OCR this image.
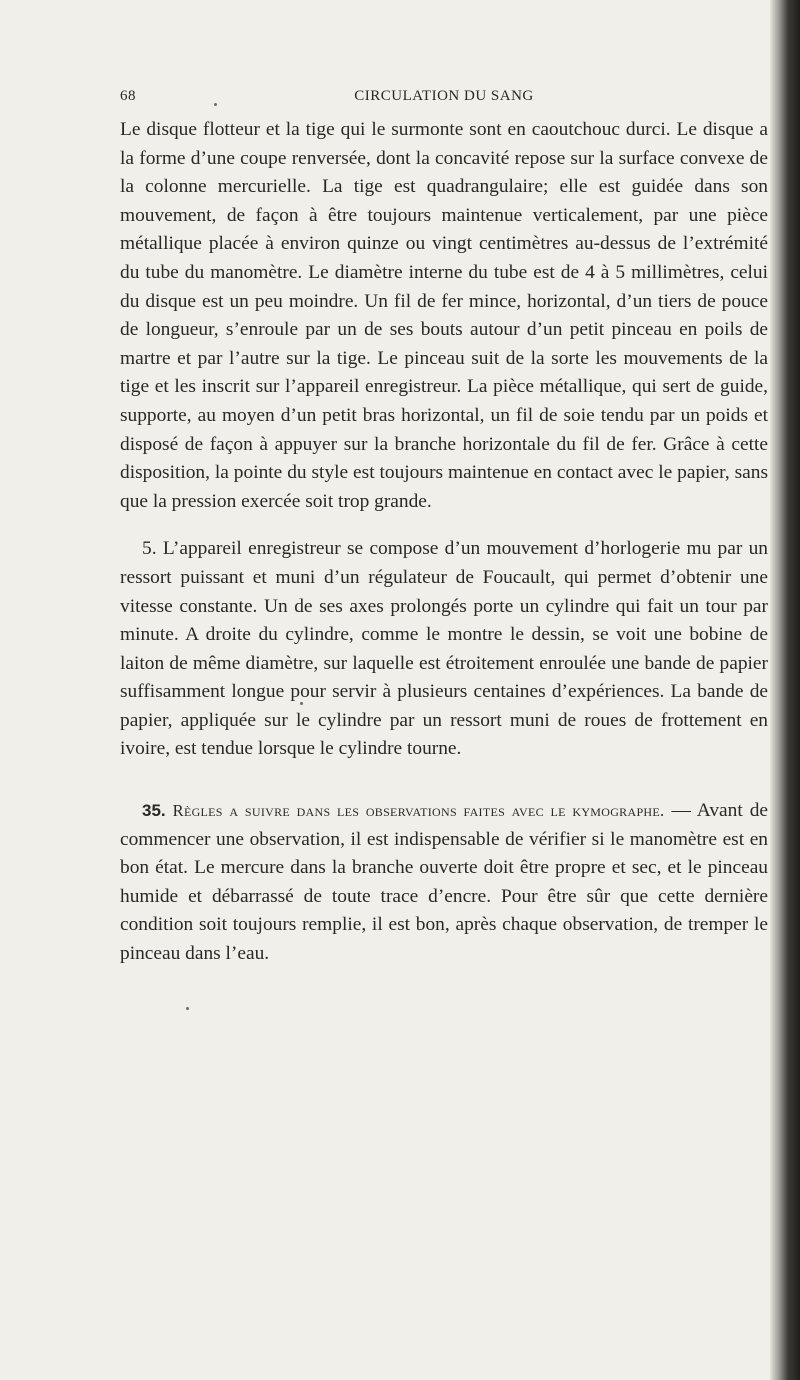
68	CIRCULATION DU SANG

Le disque flotteur et la tige qui le surmonte sont en caoutchouc durci. Le disque a la forme d’une coupe renversée, dont la concavité repose sur la surface convexe de la colonne mercurielle. La tige est quadrangulaire; elle est guidée dans son mouvement, de façon à être toujours maintenue verticalement, par une pièce métallique placée à environ quinze ou vingt centimètres au-dessus de l’extrémité du tube du manomètre. Le diamètre interne du tube est de 4 à 5 millimètres, celui du disque est un peu moindre. Un fil de fer mince, horizontal, d’un tiers de pouce de longueur, s’enroule par un de ses bouts autour d’un petit pinceau en poils de martre et par l’autre sur la tige. Le pinceau suit de la sorte les mouvements de la tige et les inscrit sur l’appareil enregistreur. La pièce métallique, qui sert de guide, supporte, au moyen d’un petit bras horizontal, un fil de soie tendu par un poids et disposé de façon à appuyer sur la branche horizontale du fil de fer. Grâce à cette disposition, la pointe du style est toujours maintenue en contact avec le papier, sans que la pression exercée soit trop grande.

5. L’appareil enregistreur se compose d’un mouvement d’horlogerie mu par un ressort puissant et muni d’un régulateur de Foucault, qui permet d’obtenir une vitesse constante. Un de ses axes prolongés porte un cylindre qui fait un tour par minute. A droite du cylindre, comme le montre le dessin, se voit une bobine de laiton de même diamètre, sur laquelle est étroitement enroulée une bande de papier suffisamment longue pour servir à plusieurs centaines d’expériences. La bande de papier, appliquée sur le cylindre par un ressort muni de roues de frottement en ivoire, est tendue lorsque le cylindre tourne.

35. Règles a suivre dans les observations faites avec le kymographe. — Avant de commencer une observation, il est indispensable de vérifier si le manomètre est en bon état. Le mercure dans la branche ouverte doit être propre et sec, et le pinceau humide et débarrassé de toute trace d’encre. Pour être sûr que cette dernière condition soit toujours remplie, il est bon, après chaque observation, de tremper le pinceau dans l’eau.
